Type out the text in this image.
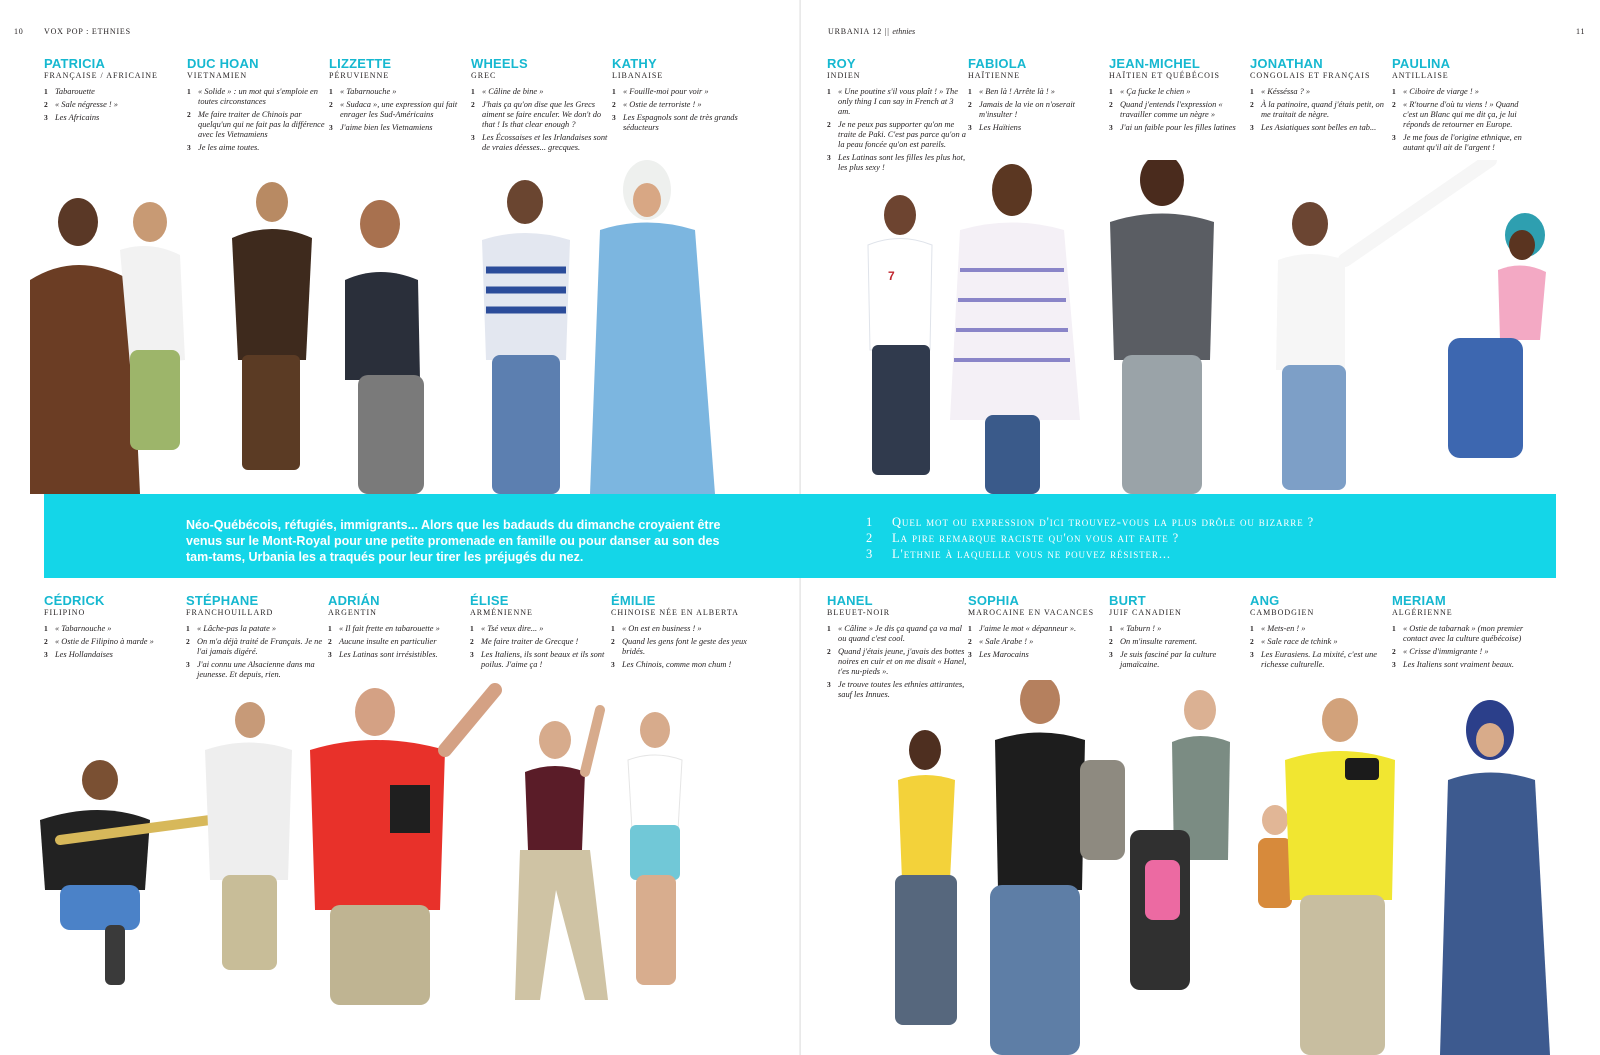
10	VOX POP : ETHNIES	URBANIA 12 || ethnies	11
PATRICIA
FRANÇAISE / AFRICAINE
1 Tabarouette
2 « Sale négresse ! »
3 Les Africains
DUC HOAN
VIETNAMIEN
1 « Solide » : un mot qui s'emploie en toutes circonstances
2 Me faire traiter de Chinois par quelqu'un qui ne fait pas la différence avec les Vietnamiens
3 Je les aime toutes.
LIZZETTE
PÉRUVIENNE
1 « Tabarnouche »
2 « Sudaca », une expression qui fait enrager les Sud-Américains
3 J'aime bien les Vietnamiens
WHEELS
GREC
1 « Câline de bine »
2 J'hais ça qu'on dise que les Grecs aiment se faire enculer. We don't do that ! Is that clear enough ?
3 Les Écossaises et les Irlandaises sont de vraies déesses... grecques.
KATHY
LIBANAISE
1 « Fouille-moi pour voir »
2 « Ostie de terroriste ! »
3 Les Espagnols sont de très grands séducteurs
ROY
INDIEN
1 « Une poutine s'il vous plaît ! » The only thing I can say in French at 3 am.
2 Je ne peux pas supporter qu'on me traite de Paki. C'est pas parce qu'on a la peau foncée qu'on est pareils.
3 Les Latinas sont les filles les plus hot, les plus sexy !
FABIOLA
HAÏTIENNE
1 « Ben là ! Arrête là ! »
2 Jamais de la vie on n'oserait m'insulter !
3 Les Haïtiens
JEAN-MICHEL
HAÏTIEN ET QUÉBÉCOIS
1 « Ça fucke le chien »
2 Quand j'entends l'expression « travailler comme un nègre »
3 J'ai un faible pour les filles latines
JONATHAN
CONGOLAIS ET FRANÇAIS
1 « Késséssa ? »
2 À la patinoire, quand j'étais petit, on me traitait de nègre.
3 Les Asiatiques sont belles en tab...
PAULINA
ANTILLAISE
1 « Ciboire de viarge ! »
2 « R'tourne d'où tu viens ! » Quand c'est un Blanc qui me dit ça, je lui réponds de retourner en Europe.
3 Je me fous de l'origine ethnique, en autant qu'il ait de l'argent !
7
Néo-Québécois, réfugiés, immigrants... Alors que les badauds du dimanche croyaient être venus sur le Mont-Royal pour une petite promenade en famille ou pour danser au son des tam-tams, Urbania les a traqués pour leur tirer les préjugés du nez.
1	Quel mot ou expression d'ici trouvez-vous la plus drôle ou bizarre ?
2	La pire remarque raciste qu'on vous ait faite ?
3	L'ethnie à laquelle vous ne pouvez résister...
CÉDRICK
FILIPINO
1 « Tabarnouche »
2 « Ostie de Filipino à marde »
3 Les Hollandaises
STÉPHANE
FRANCHOUILLARD
1 « Lâche-pas la patate »
2 On m'a déjà traité de Français. Je ne l'ai jamais digéré.
3 J'ai connu une Alsacienne dans ma jeunesse. Et depuis, rien.
ADRIÁN
ARGENTIN
1 « Il fait frette en tabarouette »
2 Aucune insulte en particulier
3 Les Latinas sont irrésistibles.
ÉLISE
ARMÉNIENNE
1 « Tsé veux dire... »
2 Me faire traiter de Grecque !
3 Les Italiens, ils sont beaux et ils sont poilus. J'aime ça !
ÉMILIE
CHINOISE NÉE EN ALBERTA
1 « On est en business ! »
2 Quand les gens font le geste des yeux bridés.
3 Les Chinois, comme mon chum !
HANEL
BLEUET-NOIR
1 « Câline » Je dis ça quand ça va mal ou quand c'est cool.
2 Quand j'étais jeune, j'avais des bottes noires en cuir et on me disait « Hanel, t'es nu-pieds ».
3 Je trouve toutes les ethnies attirantes, sauf les Innues.
SOPHIA
MAROCAINE EN VACANCES
1 J'aime le mot « dépanneur ».
2 « Sale Arabe ! »
3 Les Marocains
BURT
JUIF CANADIEN
1 « Taburn ! »
2 On m'insulte rarement.
3 Je suis fasciné par la culture jamaïcaine.
ANG
CAMBODGIEN
1 « Mets-en ! »
2 « Sale race de tchink »
3 Les Eurasiens. La mixité, c'est une richesse culturelle.
MERIAM
ALGÉRIENNE
1 « Ostie de tabarnak » (mon premier contact avec la culture québécoise)
2 « Crisse d'immigrante ! »
3 Les Italiens sont vraiment beaux.
